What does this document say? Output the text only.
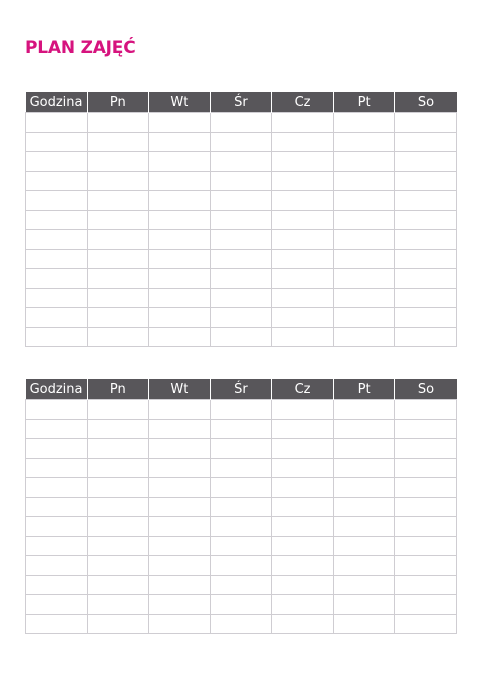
PLAN ZAJĘĆ
Godzina	Pn	Wt	Śr	Cz	Pt	So

Godzina	Pn	Wt	Śr	Cz	Pt	So
